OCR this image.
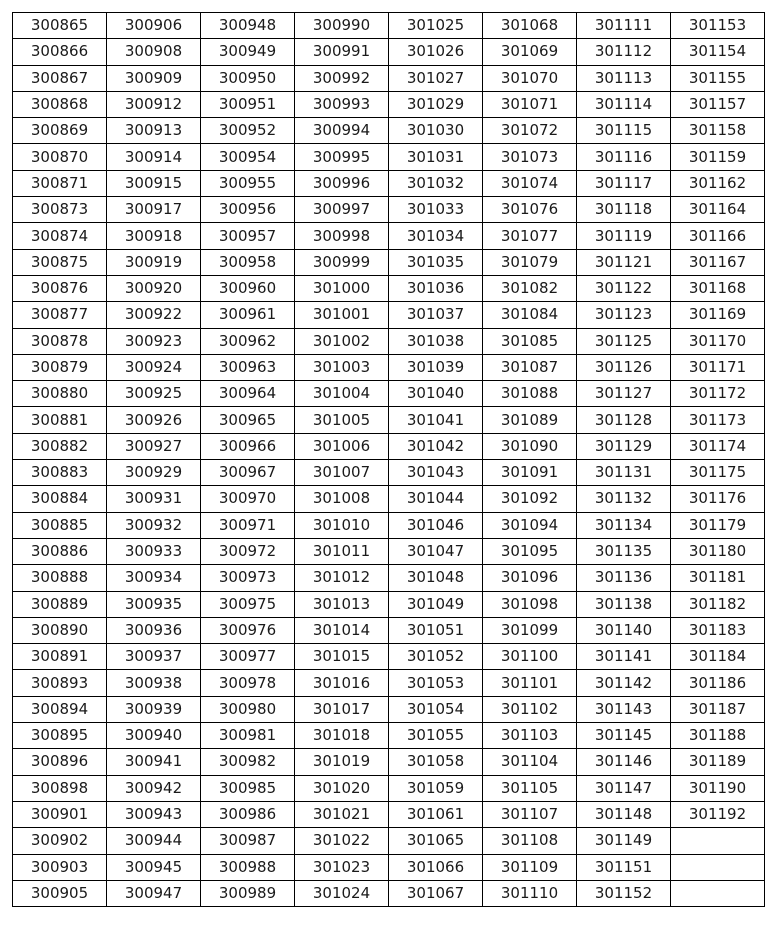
300865	300906	300948	300990	301025	301068	301111	301153
300866	300908	300949	300991	301026	301069	301112	301154
300867	300909	300950	300992	301027	301070	301113	301155
300868	300912	300951	300993	301029	301071	301114	301157
300869	300913	300952	300994	301030	301072	301115	301158
300870	300914	300954	300995	301031	301073	301116	301159
300871	300915	300955	300996	301032	301074	301117	301162
300873	300917	300956	300997	301033	301076	301118	301164
300874	300918	300957	300998	301034	301077	301119	301166
300875	300919	300958	300999	301035	301079	301121	301167
300876	300920	300960	301000	301036	301082	301122	301168
300877	300922	300961	301001	301037	301084	301123	301169
300878	300923	300962	301002	301038	301085	301125	301170
300879	300924	300963	301003	301039	301087	301126	301171
300880	300925	300964	301004	301040	301088	301127	301172
300881	300926	300965	301005	301041	301089	301128	301173
300882	300927	300966	301006	301042	301090	301129	301174
300883	300929	300967	301007	301043	301091	301131	301175
300884	300931	300970	301008	301044	301092	301132	301176
300885	300932	300971	301010	301046	301094	301134	301179
300886	300933	300972	301011	301047	301095	301135	301180
300888	300934	300973	301012	301048	301096	301136	301181
300889	300935	300975	301013	301049	301098	301138	301182
300890	300936	300976	301014	301051	301099	301140	301183
300891	300937	300977	301015	301052	301100	301141	301184
300893	300938	300978	301016	301053	301101	301142	301186
300894	300939	300980	301017	301054	301102	301143	301187
300895	300940	300981	301018	301055	301103	301145	301188
300896	300941	300982	301019	301058	301104	301146	301189
300898	300942	300985	301020	301059	301105	301147	301190
300901	300943	300986	301021	301061	301107	301148	301192
300902	300944	300987	301022	301065	301108	301149	
300903	300945	300988	301023	301066	301109	301151	
300905	300947	300989	301024	301067	301110	301152	
